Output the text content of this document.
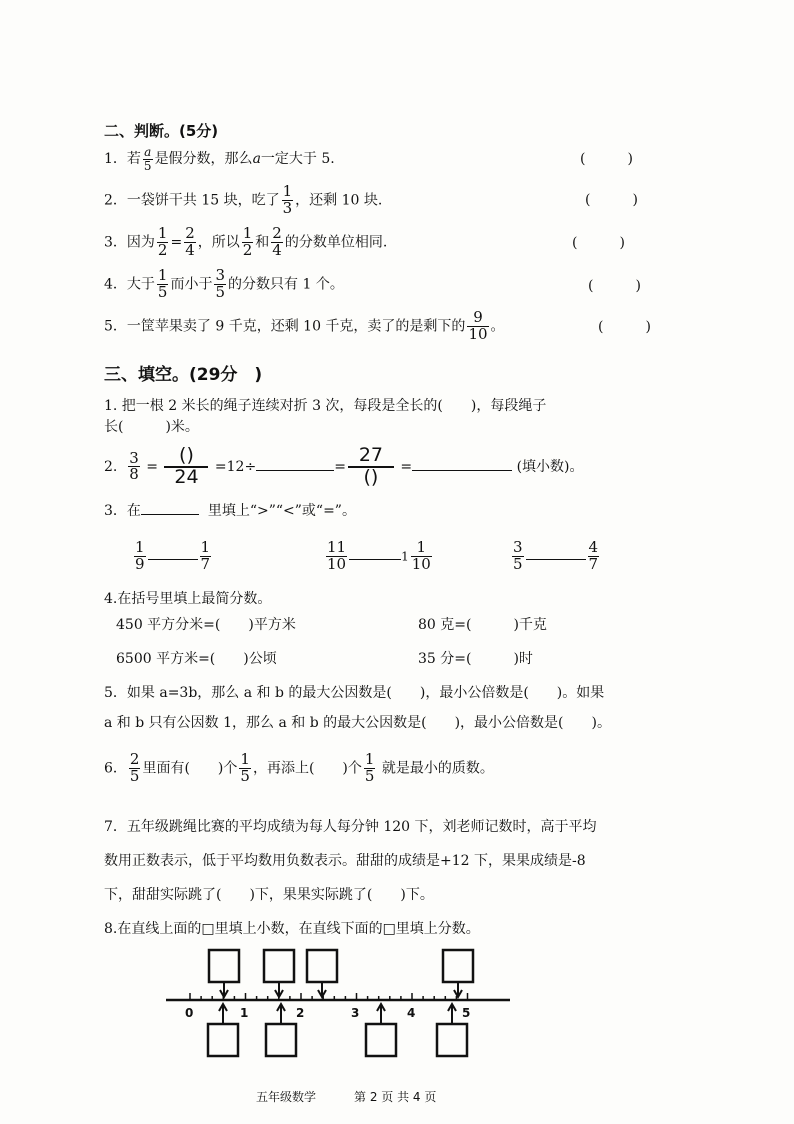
二、判断。(5分)
1．若 $\frac{a}{5}$ 是假分数，那么a一定大于 5.	(　　　)
2．一袋饼干共 15 块，吃了 $\frac{1}{3}$ ，还剩 10 块.	(　　　)
3．因为 $\frac{1}{2} = \frac{2}{4}$ ，所以 $\frac{1}{2}$ 和 $\frac{2}{4}$ 的分数单位相同.	(　　　)
4．大于 $\frac{1}{5}$ 而小于 $\frac{3}{5}$ 的分数只有 1 个。	(　　　)
5．一筐苹果卖了 9 千克，还剩 10 千克，卖了的是剩下的 $\frac{9}{10}$ 。	(　　　)
三、填空。(29分　)
1. 把一根 2 米长的绳子连续对折 3 次，每段是全长的(　　)，每段绳子
长(　　　)米。
2. $\frac{3}{8} = \frac{()}{24} =12\div$	= $\frac{27}{()}$ =	(填小数)。
3．在	里填上“>”“<”或“=”。
$\frac{1}{9}$	$\frac{1}{7}$	$\frac{11}{10}$	$1 \frac{1}{10}$	$\frac{3}{5}$	$\frac{4}{7}$
4.在括号里填上最简分数。
450 平方分米=(　　)平方米	80 克=(　　　)千克
6500 平方米=(　　)公顷	35 分=(　　　)时
5．如果 a=3b，那么 a 和 b 的最大公因数是(　　)，最小公倍数是(　　)。如果
a 和 b 只有公因数 1，那么 a 和 b 的最大公因数是(　　)，最小公倍数是(　　)。
6． $\frac{2}{5}$ 里面有(　　)个 $\frac{1}{5}$ ，再添上(　　)个 $\frac{1}{5}$ 就是最小的质数。
7．五年级跳绳比赛的平均成绩为每人每分钟 120 下，刘老师记数时，高于平均
数用正数表示，低于平均数用负数表示。甜甜的成绩是+12 下，果果成绩是-8
下，甜甜实际跳了(　　)下，果果实际跳了(　　)下。
8.在直线上面的□里填上小数，在直线下面的□里填上分数。
0	1	2	3	4	5
五年级数学	第 2 页 共 4 页
